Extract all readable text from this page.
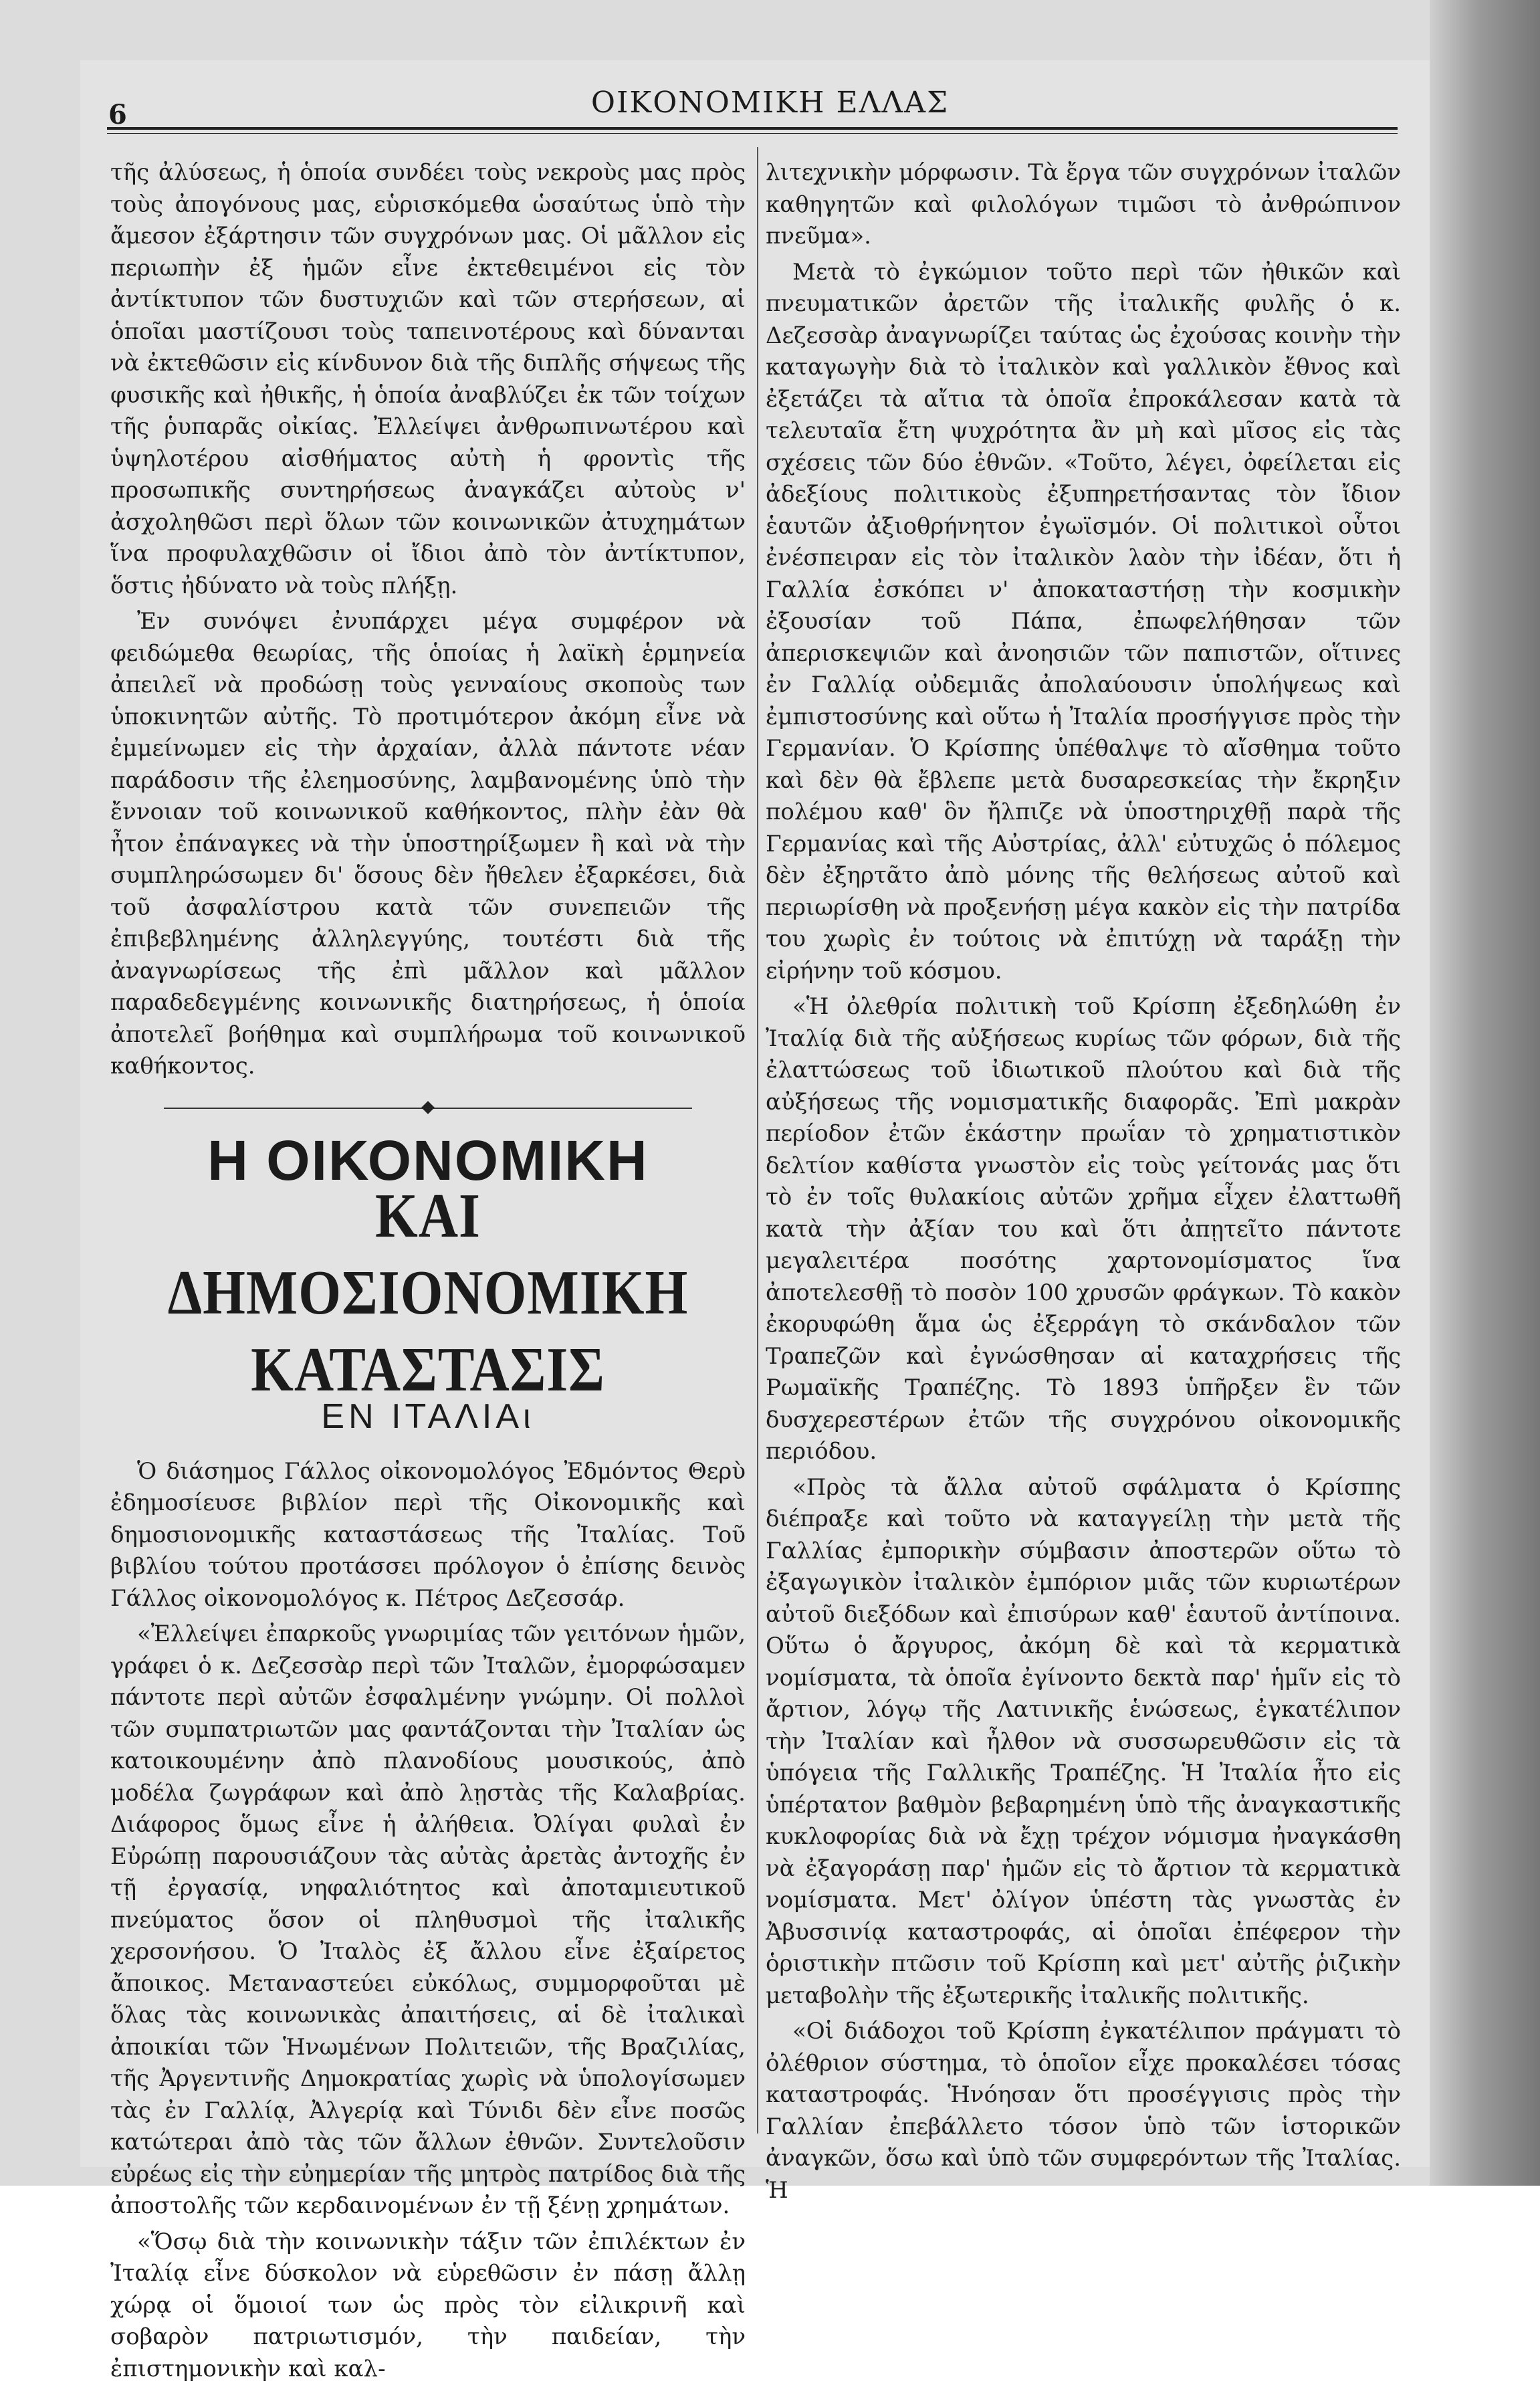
6	ΟΙΚΟΝΟΜΙΚΗ ΕΛΛΑΣ

τῆς ἀλύσεως, ἡ ὁποία συνδέει τοὺς νεκροὺς μας πρὸς τοὺς ἀπογόνους μας, εὑρισκόμεθα ὡσαύτως ὑπὸ τὴν ἄμεσον ἐξάρτησιν τῶν συγχρόνων μας. Οἱ μᾶλλον εἰς περιωπὴν ἐξ ἡμῶν εἶνε ἐκτεθειμένοι εἰς τὸν ἀντίκτυπον τῶν δυστυχιῶν καὶ τῶν στερήσεων, αἱ ὁποῖαι μαστίζουσι τοὺς ταπεινοτέρους καὶ δύνανται νὰ ἐκτεθῶσιν εἰς κίνδυνον διὰ τῆς διπλῆς σήψεως τῆς φυσικῆς καὶ ἠθικῆς, ἡ ὁποία ἀναβλύζει ἐκ τῶν τοίχων τῆς ῥυπαρᾶς οἰκίας. Ἐλλείψει ἀνθρωπινωτέρου καὶ ὑψηλοτέρου αἰσθήματος αὐτὴ ἡ φροντὶς τῆς προσωπικῆς συντηρήσεως ἀναγκάζει αὐτοὺς ν' ἀσχοληθῶσι περὶ ὅλων τῶν κοινωνικῶν ἀτυχημάτων ἵνα προφυλαχθῶσιν οἱ ἴδιοι ἀπὸ τὸν ἀντίκτυπον, ὅστις ἠδύνατο νὰ τοὺς πλήξῃ.

Ἐν συνόψει ἐνυπάρχει μέγα συμφέρον νὰ φειδώμεθα θεωρίας, τῆς ὁποίας ἡ λαϊκὴ ἑρμηνεία ἀπειλεῖ νὰ προδώσῃ τοὺς γενναίους σκοποὺς των ὑποκινητῶν αὐτῆς. Τὸ προτιμότερον ἀκόμη εἶνε νὰ ἐμμείνωμεν εἰς τὴν ἀρχαίαν, ἀλλὰ πάντοτε νέαν παράδοσιν τῆς ἐλεημοσύνης, λαμβανομένης ὑπὸ τὴν ἔννοιαν τοῦ κοινωνικοῦ καθήκοντος, πλὴν ἐὰν θὰ ἦτον ἐπάναγκες νὰ τὴν ὑποστηρίξωμεν ἢ καὶ νὰ τὴν συμπληρώσωμεν δι' ὅσους δὲν ἤθελεν ἐξαρκέσει, διὰ τοῦ ἀσφαλίστρου κατὰ τῶν συνεπειῶν τῆς ἐπιβεβλημένης ἀλληλεγγύης, τουτέστι διὰ τῆς ἀναγνωρίσεως τῆς ἐπὶ μᾶλλον καὶ μᾶλλον παραδεδεγμένης κοινωνικῆς διατηρήσεως, ἡ ὁποία ἀποτελεῖ βοήθημα καὶ συμπλήρωμα τοῦ κοινωνικοῦ καθήκοντος.

Η ΟΙΚΟΝΟΜΙΚΗ
ΚΑΙ ΔΗΜΟΣΙΟΝΟΜΙΚΗ ΚΑΤΑΣΤΑΣΙΣ
ΕΝ ΙΤΑΛΙΑι

Ὁ διάσημος Γάλλος οἰκονομολόγος Ἐδμόντος Θερὺ ἐδημοσίευσε βιβλίον περὶ τῆς Οἰκονομικῆς καὶ δημοσιονομικῆς καταστάσεως τῆς Ἰταλίας. Τοῦ βιβλίου τούτου προτάσσει πρόλογον ὁ ἐπίσης δεινὸς Γάλλος οἰκονομολόγος κ. Πέτρος Δεζεσσάρ.

«Ἐλλείψει ἐπαρκοῦς γνωριμίας τῶν γειτόνων ἡμῶν, γράφει ὁ κ. Δεζεσσὰρ περὶ τῶν Ἰταλῶν, ἐμορφώσαμεν πάντοτε περὶ αὐτῶν ἐσφαλμένην γνώμην. Οἱ πολλοὶ τῶν συμπατριωτῶν μας φαντάζονται τὴν Ἰταλίαν ὡς κατοικουμένην ἀπὸ πλανοδίους μουσικούς, ἀπὸ μοδέλα ζωγράφων καὶ ἀπὸ λῃστὰς τῆς Καλαβρίας. Διάφορος ὅμως εἶνε ἡ ἀλήθεια. Ὀλίγαι φυλαὶ ἐν Εὐρώπῃ παρουσιάζουν τὰς αὐτὰς ἀρετὰς ἀντοχῆς ἐν τῇ ἐργασίᾳ, νηφαλιότητος καὶ ἀποταμιευτικοῦ πνεύματος ὅσον οἱ πληθυσμοὶ τῆς ἰταλικῆς χερσονήσου. Ὁ Ἰταλὸς ἐξ ἄλλου εἶνε ἐξαίρετος ἄποικος. Μεταναστεύει εὐκόλως, συμμορφοῦται μὲ ὅλας τὰς κοινωνικὰς ἀπαιτήσεις, αἱ δὲ ἰταλικαὶ ἀποικίαι τῶν Ἡνωμένων Πολιτειῶν, τῆς Βραζιλίας, τῆς Ἀργεντινῆς Δημοκρατίας χωρὶς νὰ ὑπολογίσωμεν τὰς ἐν Γαλλίᾳ, Ἀλγερίᾳ καὶ Τύνιδι δὲν εἶνε ποσῶς κατώτεραι ἀπὸ τὰς τῶν ἄλλων ἐθνῶν. Συντελοῦσιν εὐρέως εἰς τὴν εὐημερίαν τῆς μητρὸς πατρίδος διὰ τῆς ἀποστολῆς τῶν κερδαινομένων ἐν τῇ ξένῃ χρημάτων.

«Ὅσῳ διὰ τὴν κοινωνικὴν τάξιν τῶν ἐπιλέκτων ἐν Ἰταλίᾳ εἶνε δύσκολον νὰ εὑρεθῶσιν ἐν πάσῃ ἄλλῃ χώρᾳ οἱ ὅμοιοί των ὡς πρὸς τὸν εἰλικρινῆ καὶ σοβαρὸν πατριωτισμόν, τὴν παιδείαν, τὴν ἐπιστημονικὴν καὶ καλ-

λιτεχνικὴν μόρφωσιν. Τὰ ἔργα τῶν συγχρόνων ἰταλῶν καθηγητῶν καὶ φιλολόγων τιμῶσι τὸ ἀνθρώπινον πνεῦμα».

Μετὰ τὸ ἐγκώμιον τοῦτο περὶ τῶν ἠθικῶν καὶ πνευματικῶν ἀρετῶν τῆς ἰταλικῆς φυλῆς ὁ κ. Δεζεσσὰρ ἀναγνωρίζει ταύτας ὡς ἐχούσας κοινὴν τὴν καταγωγὴν διὰ τὸ ἰταλικὸν καὶ γαλλικὸν ἔθνος καὶ ἐξετάζει τὰ αἴτια τὰ ὁποῖα ἐπροκάλεσαν κατὰ τὰ τελευταῖα ἔτη ψυχρότητα ἂν μὴ καὶ μῖσος εἰς τὰς σχέσεις τῶν δύο ἐθνῶν. «Τοῦτο, λέγει, ὀφείλεται εἰς ἀδεξίους πολιτικοὺς ἐξυπηρετήσαντας τὸν ἴδιον ἑαυτῶν ἀξιοθρήνητον ἐγωϊσμόν. Οἱ πολιτικοὶ οὗτοι ἐνέσπειραν εἰς τὸν ἰταλικὸν λαὸν τὴν ἰδέαν, ὅτι ἡ Γαλλία ἐσκόπει ν' ἀποκαταστήσῃ τὴν κοσμικὴν ἐξουσίαν τοῦ Πάπα, ἐπωφελήθησαν τῶν ἀπερισκεψιῶν καὶ ἀνοησιῶν τῶν παπιστῶν, οἵτινες ἐν Γαλλίᾳ οὐδεμιᾶς ἀπολαύουσιν ὑπολήψεως καὶ ἐμπιστοσύνης καὶ οὕτω ἡ Ἰταλία προσήγγισε πρὸς τὴν Γερμανίαν. Ὁ Κρίσπης ὑπέθαλψε τὸ αἴσθημα τοῦτο καὶ δὲν θὰ ἔβλεπε μετὰ δυσαρεσκείας τὴν ἔκρηξιν πολέμου καθ' ὃν ἤλπιζε νὰ ὑποστηριχθῇ παρὰ τῆς Γερμανίας καὶ τῆς Αὐστρίας, ἀλλ' εὐτυχῶς ὁ πόλεμος δὲν ἐξηρτᾶτο ἀπὸ μόνης τῆς θελήσεως αὐτοῦ καὶ περιωρίσθη νὰ προξενήσῃ μέγα κακὸν εἰς τὴν πατρίδα του χωρὶς ἐν τούτοις νὰ ἐπιτύχῃ νὰ ταράξῃ τὴν εἰρήνην τοῦ κόσμου.

«Ἡ ὀλεθρία πολιτικὴ τοῦ Κρίσπη ἐξεδηλώθη ἐν Ἰταλίᾳ διὰ τῆς αὐξήσεως κυρίως τῶν φόρων, διὰ τῆς ἐλαττώσεως τοῦ ἰδιωτικοῦ πλούτου καὶ διὰ τῆς αὐξήσεως τῆς νομισματικῆς διαφορᾶς. Ἐπὶ μακρὰν περίοδον ἐτῶν ἑκάστην πρωΐαν τὸ χρηματιστικὸν δελτίον καθίστα γνωστὸν εἰς τοὺς γείτονάς μας ὅτι τὸ ἐν τοῖς θυλακίοις αὐτῶν χρῆμα εἶχεν ἐλαττωθῆ κατὰ τὴν ἀξίαν του καὶ ὅτι ἀπῃτεῖτο πάντοτε μεγαλειτέρα ποσότης χαρτονομίσματος ἵνα ἀποτελεσθῇ τὸ ποσὸν 100 χρυσῶν φράγκων. Τὸ κακὸν ἐκορυφώθη ἅμα ὡς ἐξερράγη τὸ σκάνδαλον τῶν Τραπεζῶν καὶ ἐγνώσθησαν αἱ καταχρήσεις τῆς Ρωμαϊκῆς Τραπέζης. Τὸ 1893 ὑπῆρξεν ἓν τῶν δυσχερεστέρων ἐτῶν τῆς συγχρόνου οἰκονομικῆς περιόδου.

«Πρὸς τὰ ἄλλα αὐτοῦ σφάλματα ὁ Κρίσπης διέπραξε καὶ τοῦτο νὰ καταγγείλῃ τὴν μετὰ τῆς Γαλλίας ἐμπορικὴν σύμβασιν ἀποστερῶν οὕτω τὸ ἐξαγωγικὸν ἰταλικὸν ἐμπόριον μιᾶς τῶν κυριωτέρων αὐτοῦ διεξόδων καὶ ἐπισύρων καθ' ἑαυτοῦ ἀντίποινα. Οὕτω ὁ ἄργυρος, ἀκόμη δὲ καὶ τὰ κερματικὰ νομίσματα, τὰ ὁποῖα ἐγίνοντο δεκτὰ παρ' ἡμῖν εἰς τὸ ἄρτιον, λόγῳ τῆς Λατινικῆς ἑνώσεως, ἐγκατέλιπον τὴν Ἰταλίαν καὶ ἦλθον νὰ συσσωρευθῶσιν εἰς τὰ ὑπόγεια τῆς Γαλλικῆς Τραπέζης. Ἡ Ἰταλία ἦτο εἰς ὑπέρτατον βαθμὸν βεβαρημένη ὑπὸ τῆς ἀναγκαστικῆς κυκλοφορίας διὰ νὰ ἔχῃ τρέχον νόμισμα ἠναγκάσθη νὰ ἐξαγοράσῃ παρ' ἡμῶν εἰς τὸ ἄρτιον τὰ κερματικὰ νομίσματα. Μετ' ὀλίγον ὑπέστη τὰς γνωστὰς ἐν Ἀβυσσινίᾳ καταστροφάς, αἱ ὁποῖαι ἐπέφερον τὴν ὁριστικὴν πτῶσιν τοῦ Κρίσπη καὶ μετ' αὐτῆς ῥιζικὴν μεταβολὴν τῆς ἐξωτερικῆς ἰταλικῆς πολιτικῆς.

«Οἱ διάδοχοι τοῦ Κρίσπη ἐγκατέλιπον πράγματι τὸ ὀλέθριον σύστημα, τὸ ὁποῖον εἶχε προκαλέσει τόσας καταστροφάς. Ἡνόησαν ὅτι προσέγγισις πρὸς τὴν Γαλλίαν ἐπεβάλλετο τόσον ὑπὸ τῶν ἱστορικῶν ἀναγκῶν, ὅσω καὶ ὑπὸ τῶν συμφερόντων τῆς Ἰταλίας. Ἡ
